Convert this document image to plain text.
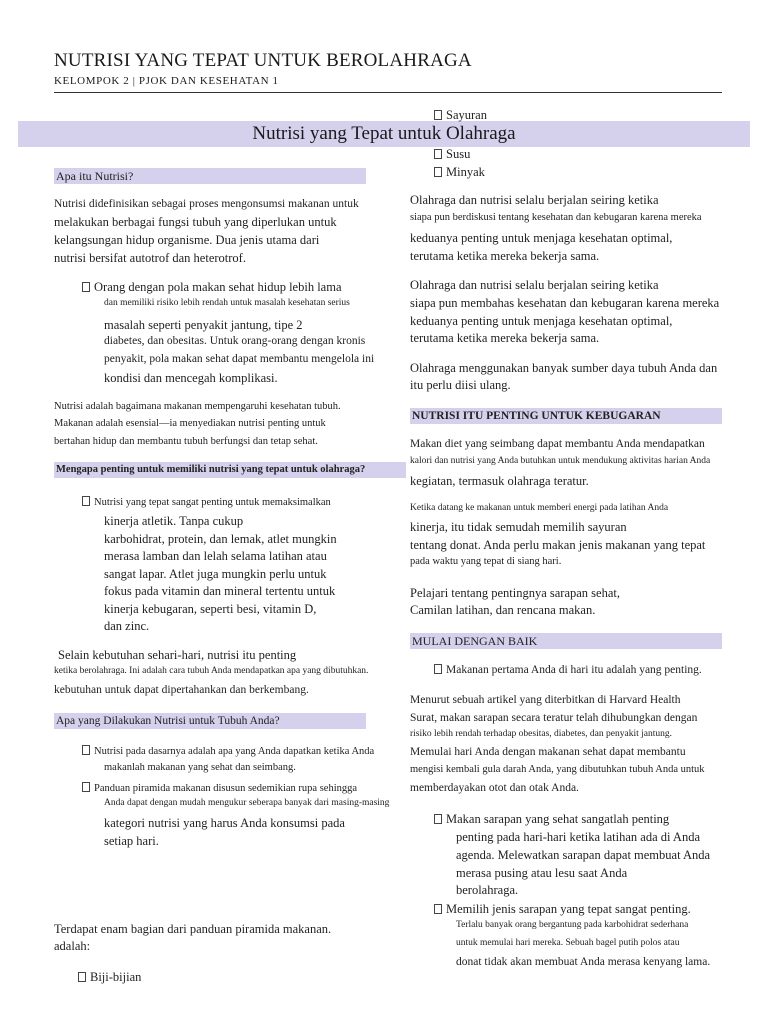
NUTRISI YANG TEPAT UNTUK BEROLAHRAGA
KELOMPOK 2 | PJOK DAN KESEHATAN 1
Nutrisi yang Tepat untuk Olahraga
Apa itu Nutrisi?
Nutrisi didefinisikan sebagai proses mengonsumsi makanan untuk
melakukan berbagai fungsi tubuh yang diperlukan untuk
kelangsungan hidup organisme. Dua jenis utama dari
nutrisi bersifat autotrof dan heterotrof.
Orang dengan pola makan sehat hidup lebih lama
dan memiliki risiko lebih rendah untuk masalah kesehatan serius
masalah seperti penyakit jantung, tipe 2
diabetes, dan obesitas. Untuk orang-orang dengan kronis
penyakit, pola makan sehat dapat membantu mengelola ini
kondisi dan mencegah komplikasi.
Nutrisi adalah bagaimana makanan mempengaruhi kesehatan tubuh.
Makanan adalah esensial—ia menyediakan nutrisi penting untuk
bertahan hidup dan membantu tubuh berfungsi dan tetap sehat.
Mengapa penting untuk memiliki nutrisi yang tepat untuk olahraga?
Nutrisi yang tepat sangat penting untuk memaksimalkan
kinerja atletik. Tanpa cukup
karbohidrat, protein, dan lemak, atlet mungkin
merasa lamban dan lelah selama latihan atau
sangat lapar. Atlet juga mungkin perlu untuk
fokus pada vitamin dan mineral tertentu untuk
kinerja kebugaran, seperti besi, vitamin D,
dan zinc.
Selain kebutuhan sehari-hari, nutrisi itu penting
ketika berolahraga. Ini adalah cara tubuh Anda mendapatkan apa yang dibutuhkan.
kebutuhan untuk dapat dipertahankan dan berkembang.
Apa yang Dilakukan Nutrisi untuk Tubuh Anda?
Nutrisi pada dasarnya adalah apa yang Anda dapatkan ketika Anda
makanlah makanan yang sehat dan seimbang.
Panduan piramida makanan disusun sedemikian rupa sehingga
Anda dapat dengan mudah mengukur seberapa banyak dari masing-masing
kategori nutrisi yang harus Anda konsumsi pada
setiap hari.
Terdapat enam bagian dari panduan piramida makanan.
adalah:
Biji-bijian
Sayuran
Susu
Minyak
Olahraga dan nutrisi selalu berjalan seiring ketika
siapa pun berdiskusi tentang kesehatan dan kebugaran karena mereka
keduanya penting untuk menjaga kesehatan optimal,
terutama ketika mereka bekerja sama.
Olahraga dan nutrisi selalu berjalan seiring ketika
siapa pun membahas kesehatan dan kebugaran karena mereka
keduanya penting untuk menjaga kesehatan optimal,
terutama ketika mereka bekerja sama.
Olahraga menggunakan banyak sumber daya tubuh Anda dan
itu perlu diisi ulang.
NUTRISI ITU PENTING UNTUK KEBUGARAN
Makan diet yang seimbang dapat membantu Anda mendapatkan
kalori dan nutrisi yang Anda butuhkan untuk mendukung aktivitas harian Anda
kegiatan, termasuk olahraga teratur.
Ketika datang ke makanan untuk memberi energi pada latihan Anda
kinerja, itu tidak semudah memilih sayuran
tentang donat. Anda perlu makan jenis makanan yang tepat
pada waktu yang tepat di siang hari.
Pelajari tentang pentingnya sarapan sehat,
Camilan latihan, dan rencana makan.
MULAI DENGAN BAIK
Makanan pertama Anda di hari itu adalah yang penting.
Menurut sebuah artikel yang diterbitkan di Harvard Health
Surat, makan sarapan secara teratur telah dihubungkan dengan
risiko lebih rendah terhadap obesitas, diabetes, dan penyakit jantung.
Memulai hari Anda dengan makanan sehat dapat membantu
mengisi kembali gula darah Anda, yang dibutuhkan tubuh Anda untuk
memberdayakan otot dan otak Anda.
Makan sarapan yang sehat sangatlah penting
penting pada hari-hari ketika latihan ada di Anda
agenda. Melewatkan sarapan dapat membuat Anda
merasa pusing atau lesu saat Anda
berolahraga.
Memilih jenis sarapan yang tepat sangat penting.
Terlalu banyak orang bergantung pada karbohidrat sederhana
untuk memulai hari mereka. Sebuah bagel putih polos atau
donat tidak akan membuat Anda merasa kenyang lama.
